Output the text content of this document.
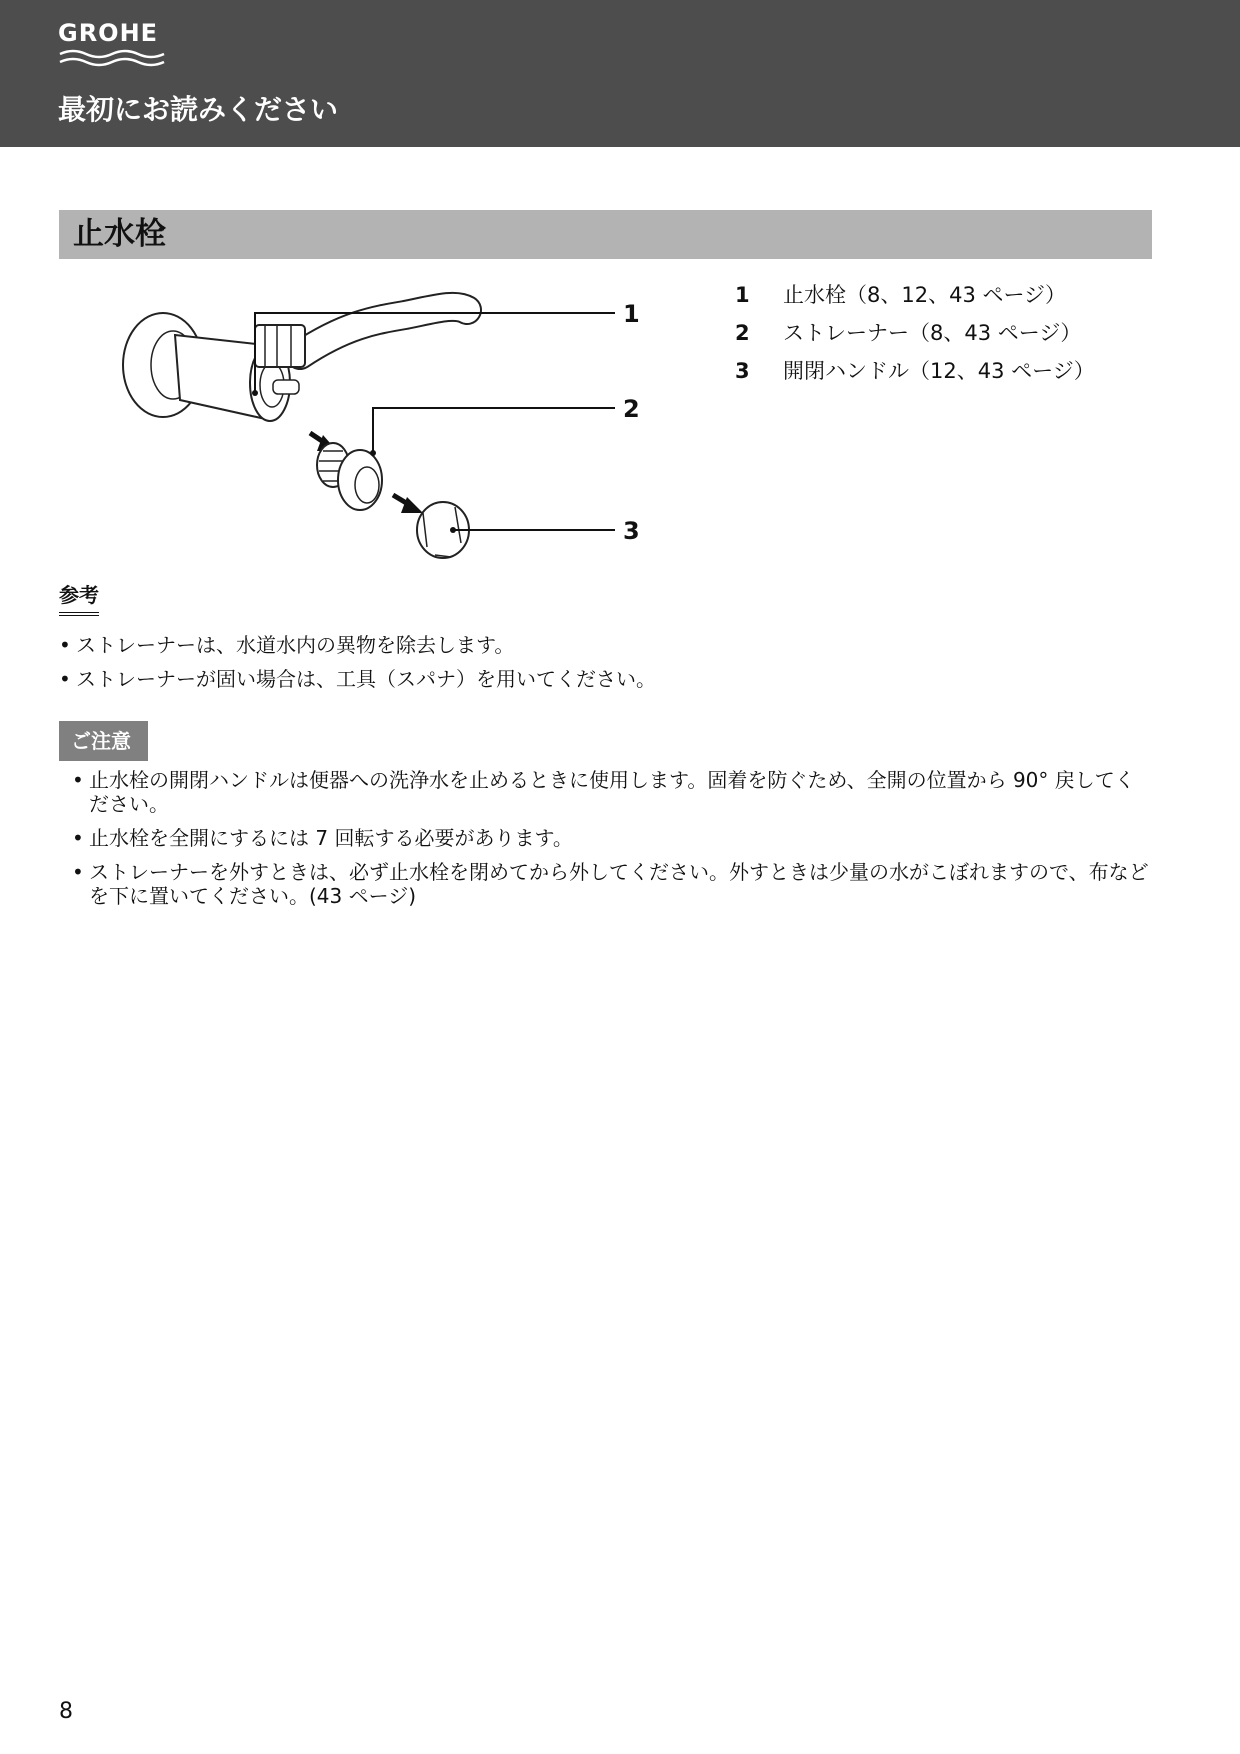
GROHE
最初にお読みください
止水栓
1
2
3
1	止水栓（8、12、43 ページ）
2	ストレーナー（8、43 ページ）
3	開閉ハンドル（12、43 ページ）
参考
• ストレーナーは、水道水内の異物を除去します。
• ストレーナーが固い場合は、工具（スパナ）を用いてください。
ご注意
• 止水栓の開閉ハンドルは便器への洗浄水を止めるときに使用します。固着を防ぐため、全開の位置から 90° 戻してください。
• 止水栓を全開にするには 7 回転する必要があります。
• ストレーナーを外すときは、必ず止水栓を閉めてから外してください。外すときは少量の水がこぼれますので、布などを下に置いてください。(43 ページ)
8
